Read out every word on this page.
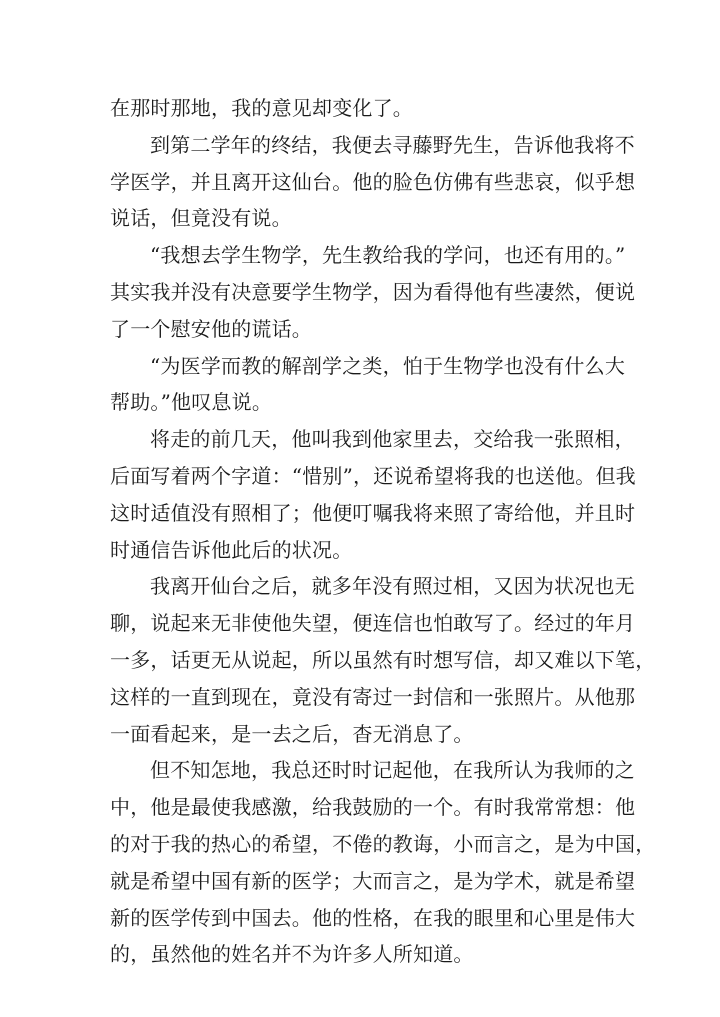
在那时那地，我的意见却变化了。
到第二学年的终结，我便去寻藤野先生，告诉他我将不
学医学，并且离开这仙台。他的脸色仿佛有些悲哀，似乎想
说话，但竟没有说。
“我想去学生物学，先生教给我的学问，也还有用的。”
其实我并没有决意要学生物学，因为看得他有些凄然，便说
了一个慰安他的谎话。
“为医学而教的解剖学之类，怕于生物学也没有什么大
帮助。”他叹息说。
将走的前几天，他叫我到他家里去，交给我一张照相，
后面写着两个字道：“惜别”，还说希望将我的也送他。但我
这时适值没有照相了；他便叮嘱我将来照了寄给他，并且时
时通信告诉他此后的状况。
我离开仙台之后，就多年没有照过相，又因为状况也无
聊，说起来无非使他失望，便连信也怕敢写了。经过的年月
一多，话更无从说起，所以虽然有时想写信，却又难以下笔，
这样的一直到现在，竟没有寄过一封信和一张照片。从他那
一面看起来，是一去之后，杳无消息了。
但不知怎地，我总还时时记起他，在我所认为我师的之
中，他是最使我感激，给我鼓励的一个。有时我常常想：他
的对于我的热心的希望，不倦的教诲，小而言之，是为中国，
就是希望中国有新的医学；大而言之，是为学术，就是希望
新的医学传到中国去。他的性格，在我的眼里和心里是伟大
的，虽然他的姓名并不为许多人所知道。
